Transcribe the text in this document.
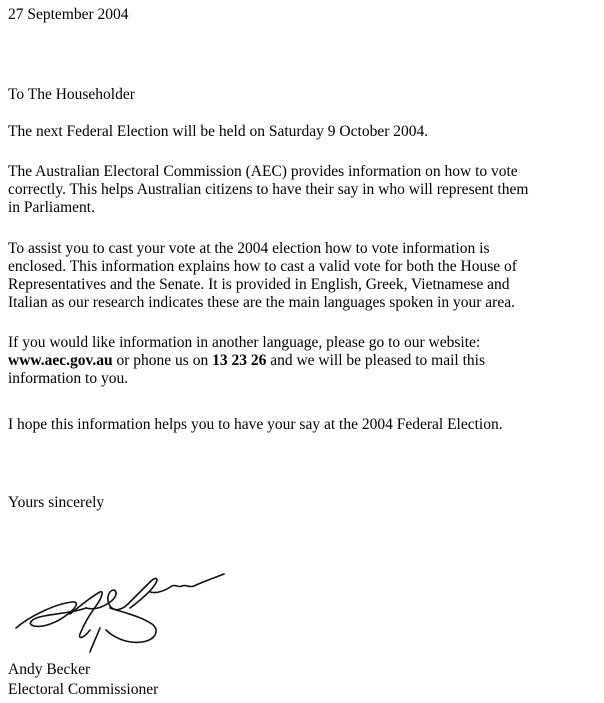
27 September 2004

To The Householder

The next Federal Election will be held on Saturday 9 October 2004.

The Australian Electoral Commission (AEC) provides information on how to vote
correctly. This helps Australian citizens to have their say in who will represent them
in Parliament.

To assist you to cast your vote at the 2004 election how to vote information is
enclosed. This information explains how to cast a valid vote for both the House of
Representatives and the Senate. It is provided in English, Greek, Vietnamese and
Italian as our research indicates these are the main languages spoken in your area.

If you would like information in another language, please go to our website:
www.aec.gov.au or phone us on 13 23 26 and we will be pleased to mail this
information to you.

I hope this information helps you to have your say at the 2004 Federal Election.

Yours sincerely

Andy Becker

Electoral Commissioner
